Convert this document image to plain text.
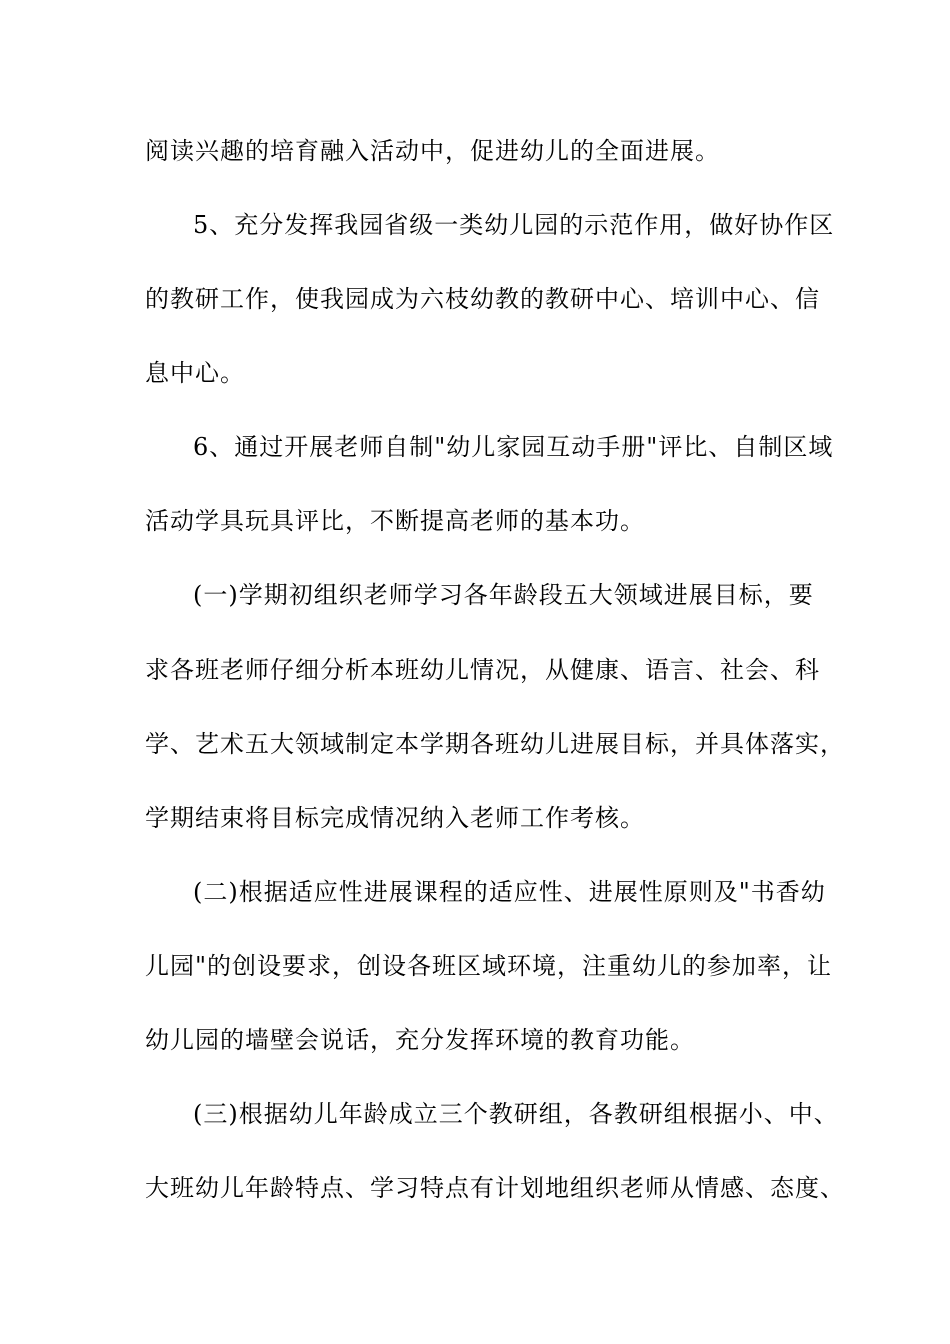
阅读兴趣的培育融入活动中，促进幼儿的全面进展。
5、充分发挥我园省级一类幼儿园的示范作用，做好协作区
的教研工作，使我园成为六枝幼教的教研中心、培训中心、信
息中心。
6、通过开展老师自制"幼儿家园互动手册"评比、自制区域
活动学具玩具评比，不断提高老师的基本功。
(一)学期初组织老师学习各年龄段五大领域进展目标，要
求各班老师仔细分析本班幼儿情况，从健康、语言、社会、科
学、艺术五大领域制定本学期各班幼儿进展目标，并具体落实，
学期结束将目标完成情况纳入老师工作考核。
(二)根据适应性进展课程的适应性、进展性原则及"书香幼
儿园"的创设要求，创设各班区域环境，注重幼儿的参加率，让
幼儿园的墙壁会说话，充分发挥环境的教育功能。
(三)根据幼儿年龄成立三个教研组，各教研组根据小、中、
大班幼儿年龄特点、学习特点有计划地组织老师从情感、态度、
